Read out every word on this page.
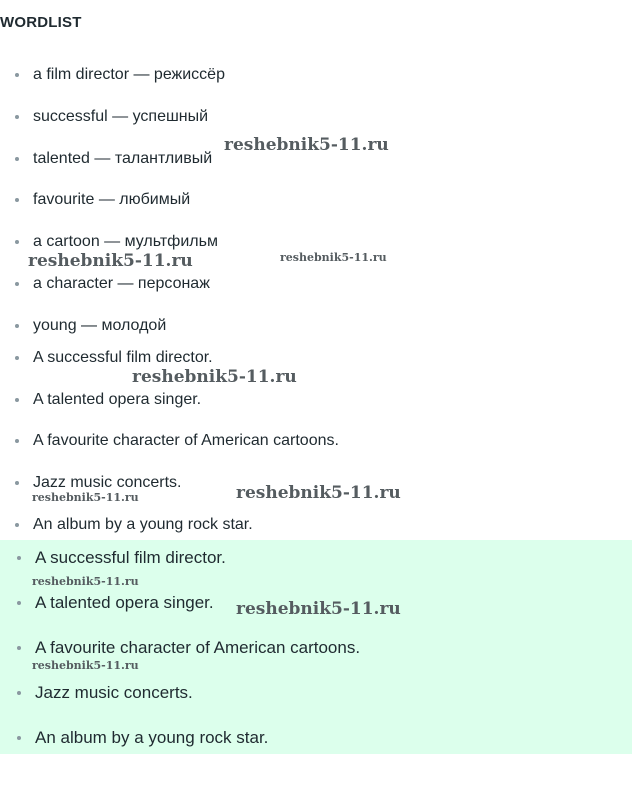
WORDLIST
a film director — режиссёр
successful — успешный
talented — талантливый
favourite — любимый
a cartoon — мультфильм
a character — персонаж
young — молодой
A successful film director.
A talented opera singer.
A favourite character of American cartoons.
Jazz music concerts.
An album by a young rock star.
A successful film director.
A talented opera singer.
A favourite character of American cartoons.
Jazz music concerts.
An album by a young rock star.
reshebnik5-11.ru
reshebnik5-11.ru	reshebnik5-11.ru
reshebnik5-11.ru
reshebnik5-11.ru	reshebnik5-11.ru
reshebnik5-11.ru
reshebnik5-11.ru
reshebnik5-11.ru
